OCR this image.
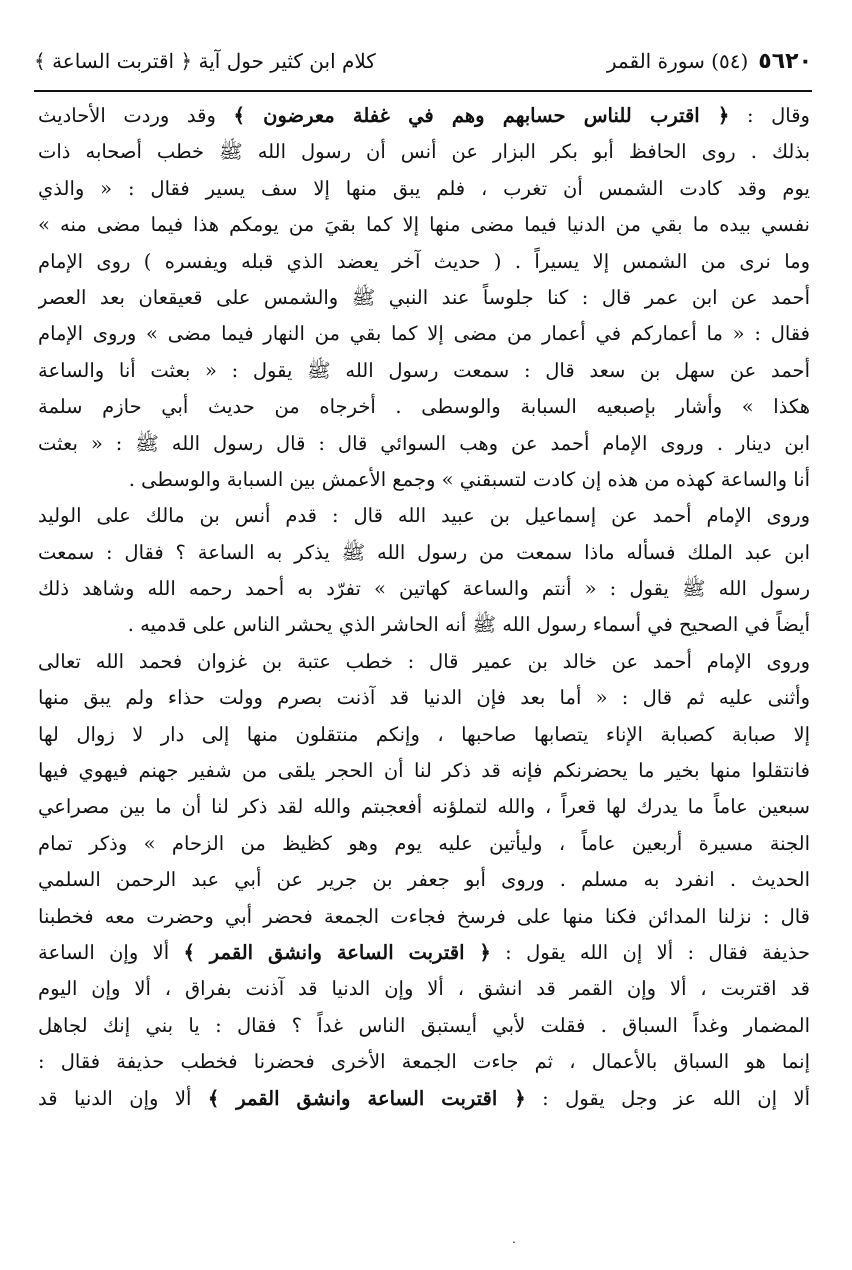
٥٦٢٠
(٥٤) سورة القمر
كلام ابن كثير حول آية ﴿ اقتربت الساعة ﴾
وقال : ﴿ اقترب للناس حسابهم وهم في غفلة معرضون ﴾ وقد وردت الأحاديث
بذلك . روى الحافظ أبو بكر البزار عن أنس أن رسول الله ﷺ خطب أصحابه ذات
يوم وقد كادت الشمس أن تغرب ، فلم يبق منها إلا سف يسير فقال : « والذي
نفسي بيده ما بقي من الدنيا فيما مضى منها إلا كما بقيَ من يومكم هذا فيما مضى منه »
وما نرى من الشمس إلا يسيراً . ( حديث آخر يعضد الذي قبله ويفسره ) روى الإمام
أحمد عن ابن عمر قال : كنا جلوساً عند النبي ﷺ والشمس على قعيقعان بعد العصر
فقال : « ما أعماركم في أعمار من مضى إلا كما بقي من النهار فيما مضى » وروى الإمام
أحمد عن سهل بن سعد قال : سمعت رسول الله ﷺ يقول : « بعثت أنا والساعة
هكذا » وأشار بإصبعيه السبابة والوسطى . أخرجاه من حديث أبي حازم سلمة
ابن دينار . وروى الإمام أحمد عن وهب السوائي قال : قال رسول الله ﷺ : « بعثت
أنا والساعة كهذه من هذه إن كادت لتسبقني » وجمع الأعمش بين السبابة والوسطى .
وروى الإمام أحمد عن إسماعيل بن عبيد الله قال : قدم أنس بن مالك على الوليد
ابن عبد الملك فسأله ماذا سمعت من رسول الله ﷺ يذكر به الساعة ؟ فقال : سمعت
رسول الله ﷺ يقول : « أنتم والساعة كهاتين » تفرّد به أحمد رحمه الله وشاهد ذلك
أيضاً في الصحيح في أسماء رسول الله ﷺ أنه الحاشر الذي يحشر الناس على قدميه .
وروى الإمام أحمد عن خالد بن عمير قال : خطب عتبة بن غزوان فحمد الله تعالى
وأثنى عليه ثم قال : « أما بعد فإن الدنيا قد آذنت بصرم وولت حذاء ولم يبق منها
إلا صبابة كصبابة الإناء يتصابها صاحبها ، وإنكم منتقلون منها إلى دار لا زوال لها
فانتقلوا منها بخير ما يحضرنكم فإنه قد ذكر لنا أن الحجر يلقى من شفير جهنم فيهوي فيها
سبعين عاماً ما يدرك لها قعراً ، والله لتملؤنه أفعجبتم والله لقد ذكر لنا أن ما بين مصراعي
الجنة مسيرة أربعين عاماً ، وليأتين عليه يوم وهو كظيظ من الزحام » وذكر تمام
الحديث . انفرد به مسلم . وروى أبو جعفر بن جرير عن أبي عبد الرحمن السلمي
قال : نزلنا المدائن فكنا منها على فرسخ فجاءت الجمعة فحضر أبي وحضرت معه فخطبنا
حذيفة فقال : ألا إن الله يقول : ﴿ اقتربت الساعة وانشق القمر ﴾ ألا وإن الساعة
قد اقتربت ، ألا وإن القمر قد انشق ، ألا وإن الدنيا قد آذنت بفراق ، ألا وإن اليوم
المضمار وغداً السباق . فقلت لأبي أيستبق الناس غداً ؟ فقال : يا بني إنك لجاهل
إنما هو السباق بالأعمال ، ثم جاءت الجمعة الأخرى فحضرنا فخطب حذيفة فقال :
ألا إن الله عز وجل يقول : ﴿ اقتربت الساعة وانشق القمر ﴾ ألا وإن الدنيا قد
.
